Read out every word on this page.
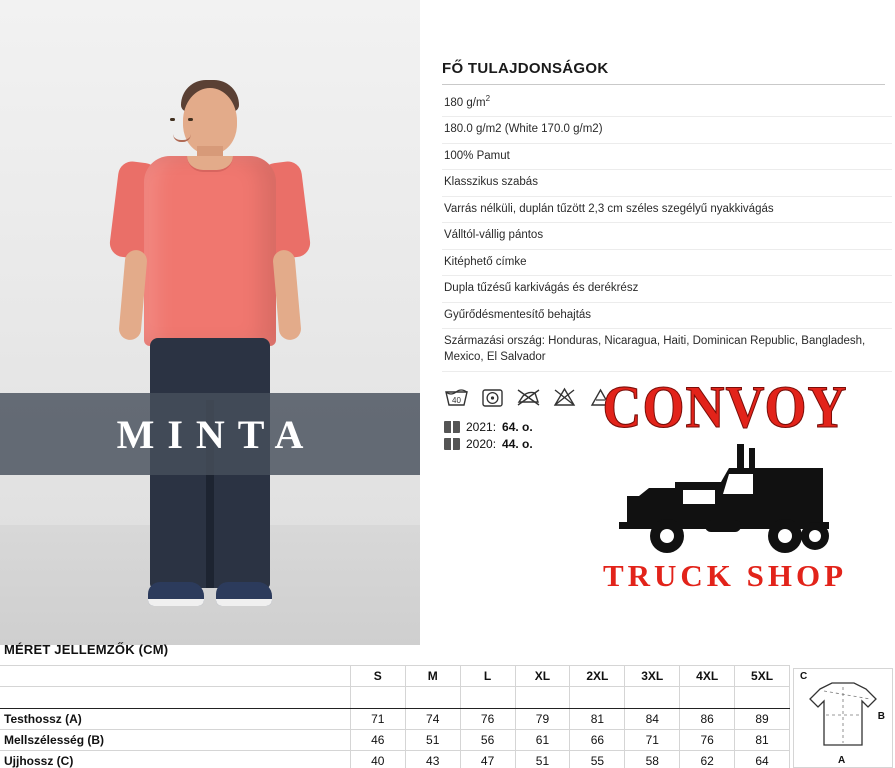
MINTA
FŐ TULAJDONSÁGOK
180 $g/m^2$
180.0 g/m2 (White 170.0 g/m2)
100% Pamut
Klasszikus szabás
Varrás nélküli, duplán tűzött 2,3 cm széles szegélyű nyakkivágás
Válltól-vállig pántos
Kitéphető címke
Dupla tűzésű karkivágás és derékrész
Gyűrődésmentesítő behajtás
Származási ország: Honduras, Nicaragua, Haiti, Dominican Republic, Bangladesh, Mexico, El Salvador
40
2021: 64. o.
2020: 44. o.
CONVOY
TRUCK SHOP
MÉRET JELLEMZŐK (CM)
	S	M	L	XL	2XL	3XL	4XL	5XL

Testhossz (A)	71	74	76	79	81	84	86	89
Mellszélesség (B)	46	51	56	61	66	71	76	81
Ujjhossz (C)	40	43	47	51	55	58	62	64
C
B
A
